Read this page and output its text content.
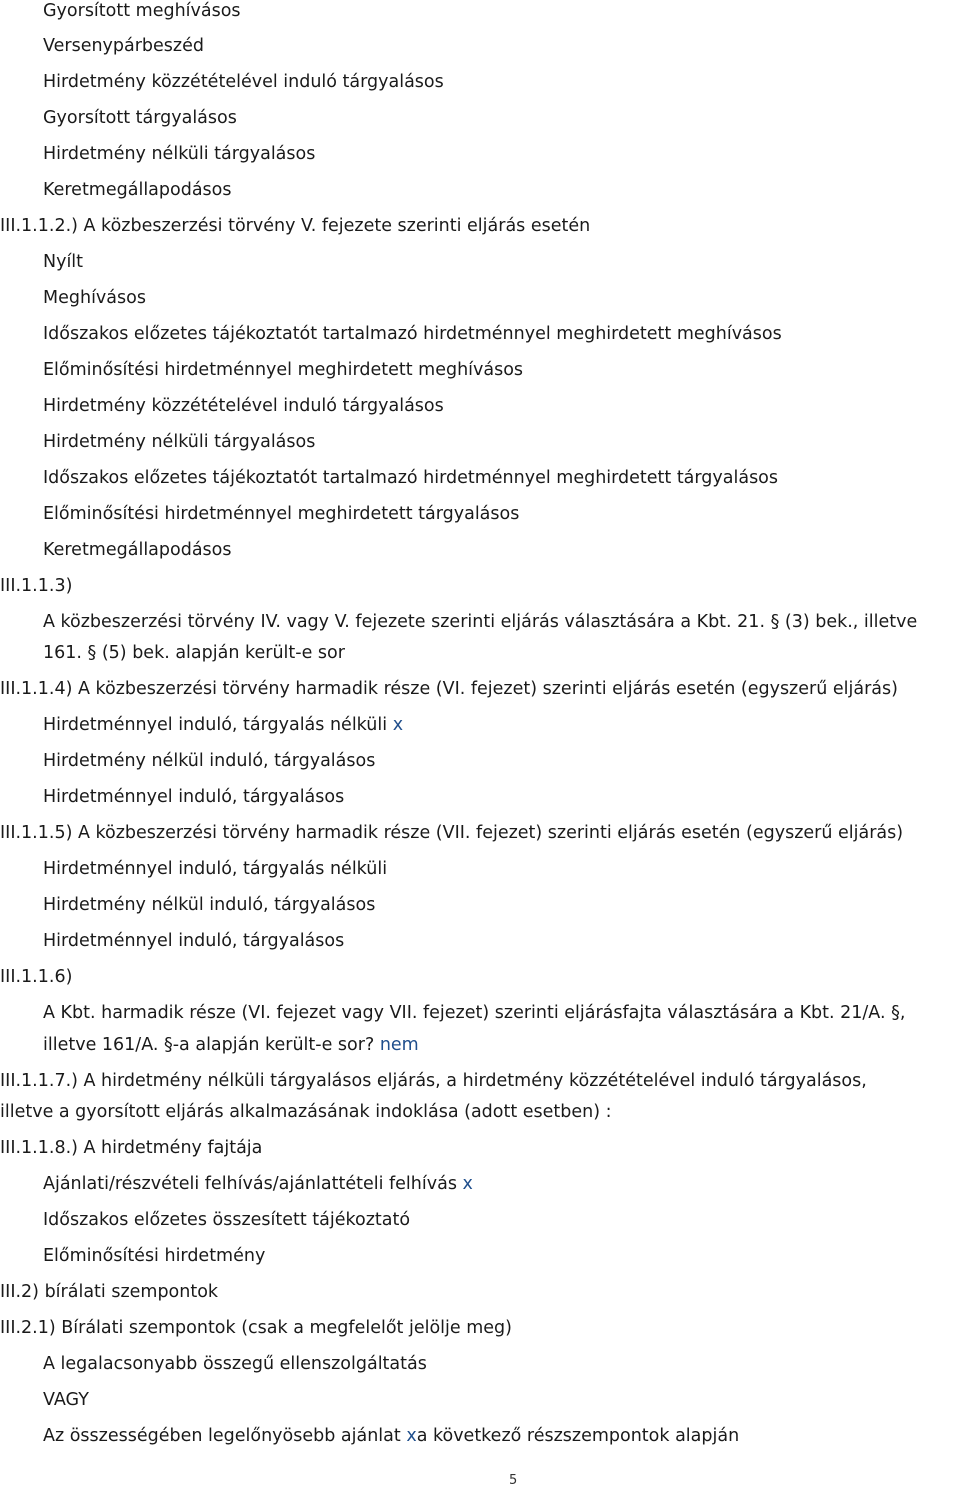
Gyorsított meghívásos
Versenypárbeszéd
Hirdetmény közzétételével induló tárgyalásos
Gyorsított tárgyalásos
Hirdetmény nélküli tárgyalásos
Keretmegállapodásos
III.1.1.2.) A közbeszerzési törvény V. fejezete szerinti eljárás esetén
Nyílt
Meghívásos
Időszakos előzetes tájékoztatót tartalmazó hirdetménnyel meghirdetett meghívásos
Előminősítési hirdetménnyel meghirdetett meghívásos
Hirdetmény közzétételével induló tárgyalásos
Hirdetmény nélküli tárgyalásos
Időszakos előzetes tájékoztatót tartalmazó hirdetménnyel meghirdetett tárgyalásos
Előminősítési hirdetménnyel meghirdetett tárgyalásos
Keretmegállapodásos
III.1.1.3)
A közbeszerzési törvény IV. vagy V. fejezete szerinti eljárás választására a Kbt. 21. § (3) bek., illetve
161. § (5) bek. alapján került-e sor
III.1.1.4) A közbeszerzési törvény harmadik része (VI. fejezet) szerinti eljárás esetén (egyszerű eljárás)
Hirdetménnyel induló, tárgyalás nélküli x
Hirdetmény nélkül induló, tárgyalásos
Hirdetménnyel induló, tárgyalásos
III.1.1.5) A közbeszerzési törvény harmadik része (VII. fejezet) szerinti eljárás esetén (egyszerű eljárás)
Hirdetménnyel induló, tárgyalás nélküli
Hirdetmény nélkül induló, tárgyalásos
Hirdetménnyel induló, tárgyalásos
III.1.1.6)
A Kbt. harmadik része (VI. fejezet vagy VII. fejezet) szerinti eljárásfajta választására a Kbt. 21/A. §,
illetve 161/A. §-a alapján került-e sor? nem
III.1.1.7.) A hirdetmény nélküli tárgyalásos eljárás, a hirdetmény közzétételével induló tárgyalásos,
illetve a gyorsított eljárás alkalmazásának indoklása (adott esetben) :
III.1.1.8.) A hirdetmény fajtája
Ajánlati/részvételi felhívás/ajánlattételi felhívás x
Időszakos előzetes összesített tájékoztató
Előminősítési hirdetmény
III.2) bírálati szempontok
III.2.1) Bírálati szempontok (csak a megfelelőt jelölje meg)
A legalacsonyabb összegű ellenszolgáltatás
VAGY
Az összességében legelőnyösebb ajánlat xa következő részszempontok alapján
5
